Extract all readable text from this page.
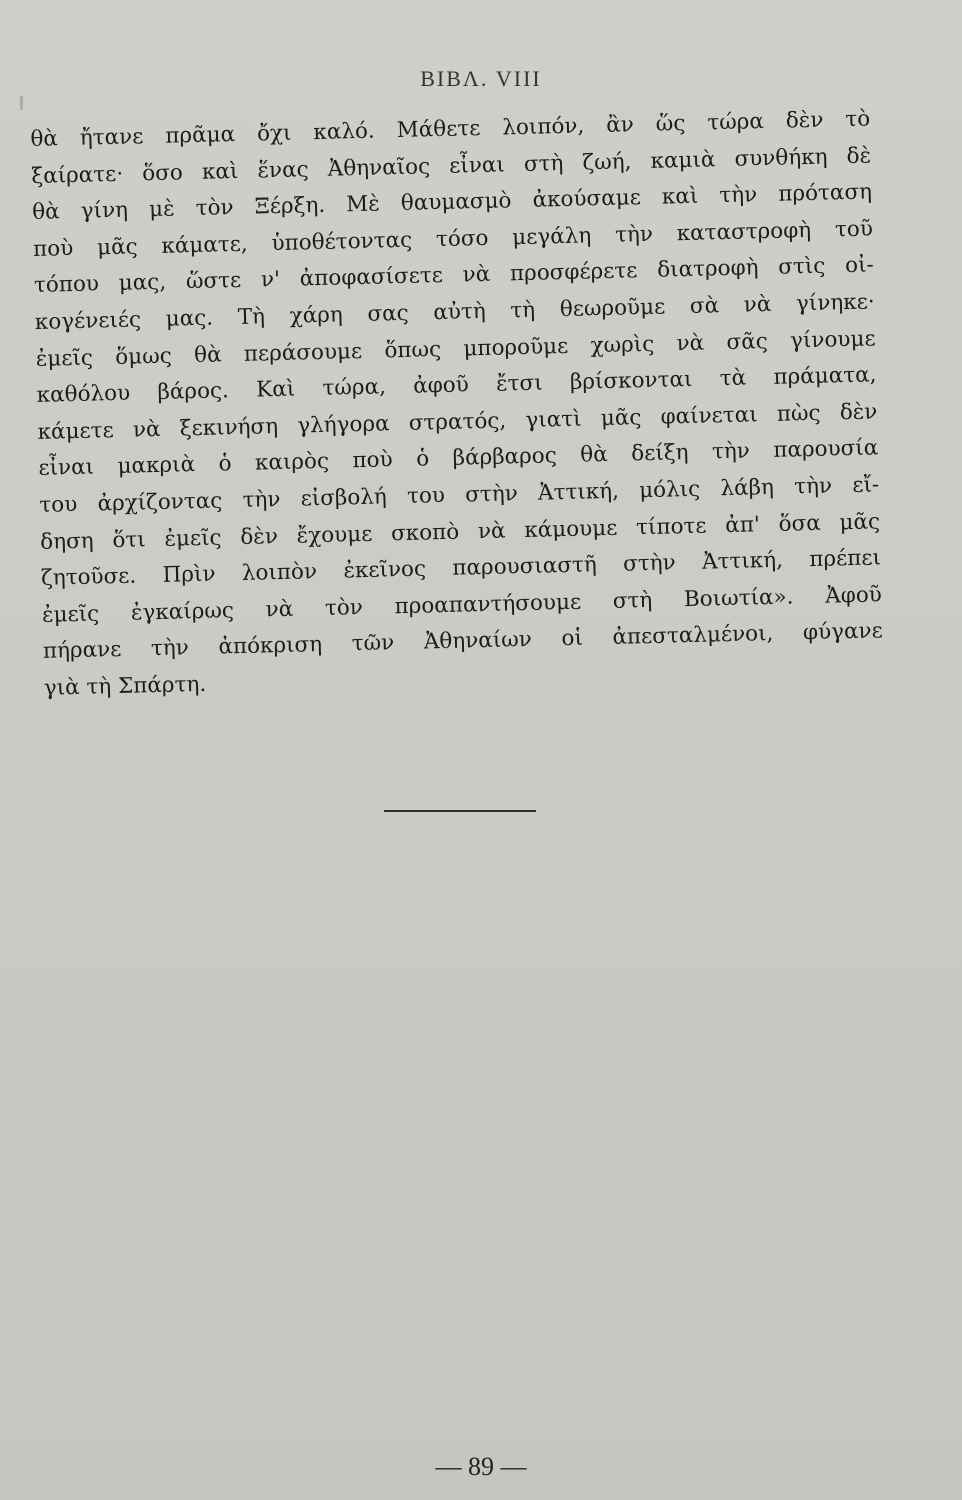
BIBΛ. VIII
θὰ ἤτανε πρᾶμα ὄχι καλό. Μάθετε λοιπόν, ἂν ὥς τώρα δὲν τὸ
ξαίρατε· ὅσο καὶ ἕνας Ἀθηναῖος εἶναι στὴ ζωή, καμιὰ συνθήκη δὲ
θὰ γίνη μὲ τὸν Ξέρξη. Μὲ θαυμασμὸ ἀκούσαμε καὶ τὴν πρόταση
ποὺ μᾶς κάματε, ὑποθέτοντας τόσο μεγάλη τὴν καταστροφὴ τοῦ
τόπου μας, ὥστε ν' ἀποφασίσετε νὰ προσφέρετε διατροφὴ στὶς οἰ-
κογένειές μας. Τὴ χάρη σας αὐτὴ τὴ θεωροῦμε σὰ νὰ γίνηκε·
ἐμεῖς ὅμως θὰ περάσουμε ὅπως μποροῦμε χωρὶς νὰ σᾶς γίνουμε
καθόλου βάρος. Καὶ τώρα, ἀφοῦ ἔτσι βρίσκονται τὰ πράματα,
κάμετε νὰ ξεκινήση γλήγορα στρατός, γιατὶ μᾶς φαίνεται πὼς δὲν
εἶναι μακριὰ ὁ καιρὸς ποὺ ὁ βάρβαρος θὰ δείξη τὴν παρουσία
του ἀρχίζοντας τὴν εἰσβολή του στὴν Ἀττική, μόλις λάβη τὴν εἴ-
δηση ὅτι ἐμεῖς δὲν ἔχουμε σκοπὸ νὰ κάμουμε τίποτε ἀπ' ὅσα μᾶς
ζητοῦσε. Πρὶν λοιπὸν ἐκεῖνος παρουσιαστῆ στὴν Ἀττική, πρέπει
ἐμεῖς ἐγκαίρως νὰ τὸν προαπαντήσουμε στὴ Βοιωτία». Ἀφοῦ
πήρανε τὴν ἀπόκριση τῶν Ἀθηναίων οἱ ἀπεσταλμένοι, φύγανε
γιὰ τὴ Σπάρτη.
— 89 —
